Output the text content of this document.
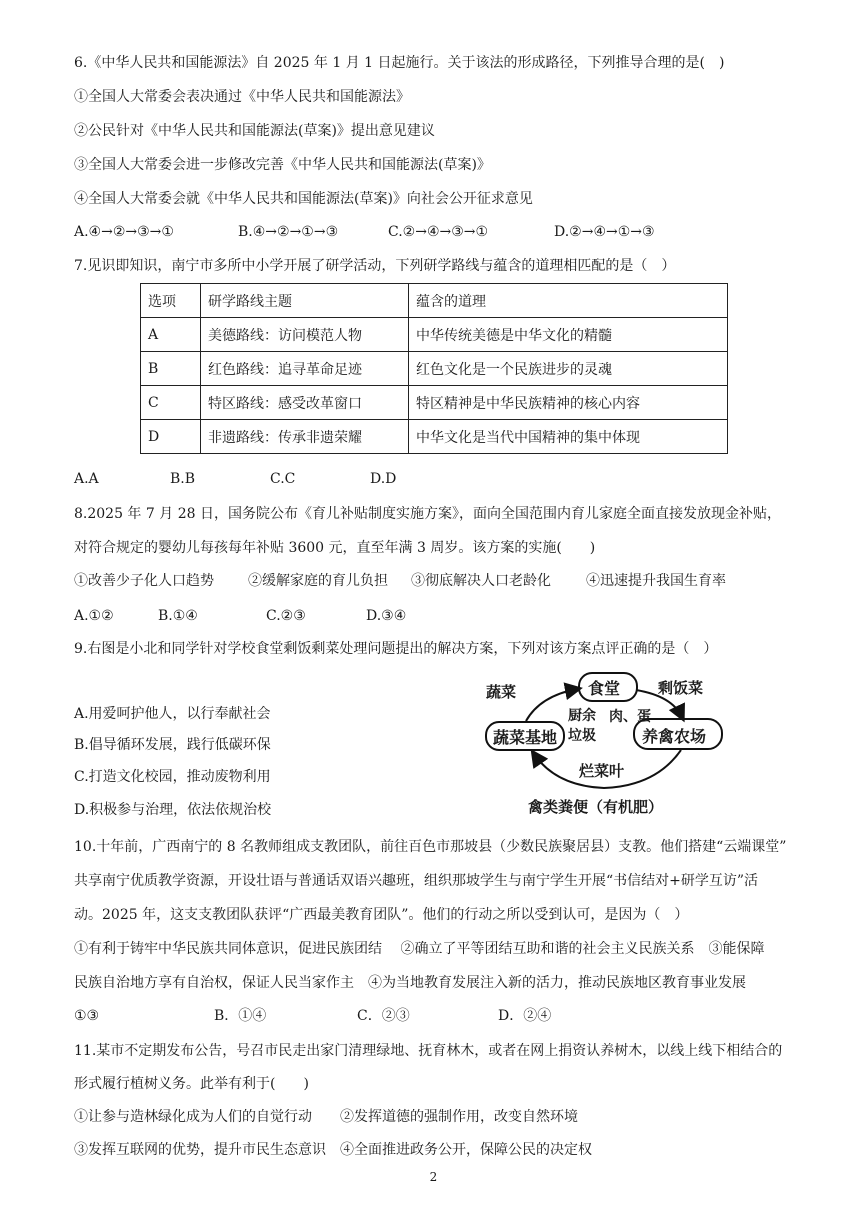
6.《中华人民共和国能源法》自 2025 年 1 月 1 日起施行。关于该法的形成路径，下列推导合理的是(　)
①全国人大常委会表决通过《中华人民共和国能源法》
②公民针对《中华人民共和国能源法(草案)》提出意见建议
③全国人大常委会进一步修改完善《中华人民共和国能源法(草案)》
④全国人大常委会就《中华人民共和国能源法(草案)》向社会公开征求意见
A.④→②→③→①	B.④→②→①→③	C.②→④→③→①	D.②→④→①→③
7.见识即知识，南宁市多所中小学开展了研学活动，下列研学路线与蕴含的道理相匹配的是（　）
选项	研学路线主题	蕴含的道理
A	美德路线：访问模范人物	中华传统美德是中华文化的精髓
B	红色路线：追寻革命足迹	红色文化是一个民族进步的灵魂
C	特区路线：感受改革窗口	特区精神是中华民族精神的核心内容
D	非遗路线：传承非遗荣耀	中华文化是当代中国精神的集中体现
A.A	B.B	C.C	D.D
8.2025 年 7 月 28 日，国务院公布《育儿补贴制度实施方案》，面向全国范围内育儿家庭全面直接发放现金补贴，
对符合规定的婴幼儿每孩每年补贴 3600 元，直至年满 3 周岁。该方案的实施(　　)
①改善少子化人口趋势 ②缓解家庭的育儿负担 ③彻底解决人口老龄化	④迅速提升我国生育率
A.①②	B.①④	C.②③	D.③④
9.右图是小北和同学针对学校食堂剩饭剩菜处理问题提出的解决方案，下列对该方案点评正确的是（　）
A.用爱呵护他人，以行奉献社会
B.倡导循环发展，践行低碳环保
C.打造文化校园，推动废物利用
D.积极参与治理，依法依规治校
食堂
蔬菜基地	养禽农场
蔬菜	剩饭菜
厨余垃圾
肉、蛋
烂菜叶
禽类粪便（有机肥）
10.十年前，广西南宁的 8 名教师组成支教团队，前往百色市那坡县（少数民族聚居县）支教。他们搭建“云端课堂”
共享南宁优质教学资源，开设壮语与普通话双语兴趣班，组织那坡学生与南宁学生开展“书信结对+研学互访”活
动。2025 年，这支支教团队获评“广西最美教育团队”。他们的行动之所以受到认可，是因为（　）
①有利于铸牢中华民族共同体意识，促进民族团结　 ②确立了平等团结互助和谐的社会主义民族关系　③能保障
民族自治地方享有自治权，保证人民当家作主　④为当地教育发展注入新的活力，推动民族地区教育事业发展
①③	B．①④	C．②③	D．②④
11.某市不定期发布公告，号召市民走出家门清理绿地、抚育林木，或者在网上捐资认养树木，以线上线下相结合的
形式履行植树义务。此举有利于(　　)
①让参与造林绿化成为人们的自觉行动　　②发挥道德的强制作用，改变自然环境
③发挥互联网的优势，提升市民生态意识　④全面推进政务公开，保障公民的决定权
2
